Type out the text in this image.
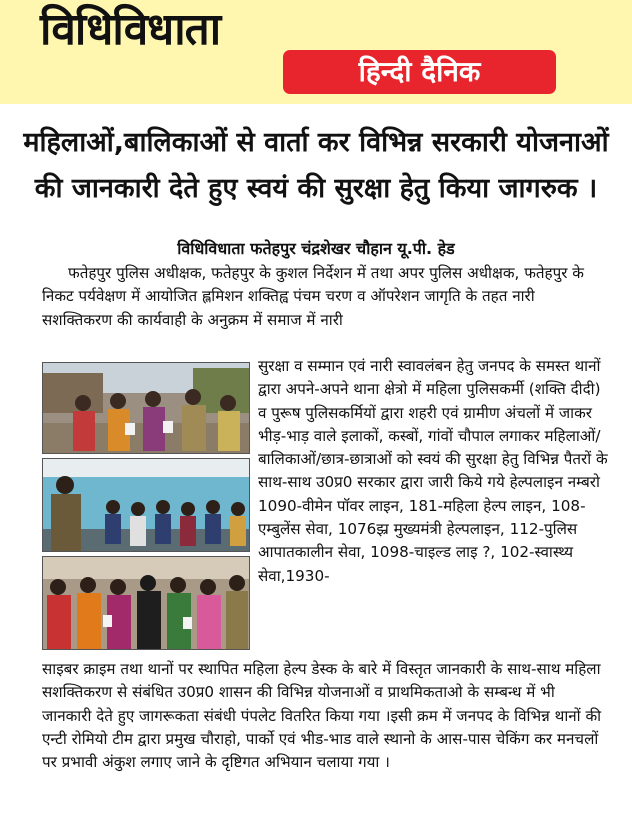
विधिविधाता
हिन्दी दैनिक
महिलाओं,बालिकाओं से वार्ता कर विभिन्न सरकारी योजनाओं
की जानकारी देते हुए स्वयं की सुरक्षा हेतु किया जागरुक ।
विधिविधाता फतेहपुर चंद्रशेखर चौहान यू.पी. हेड

फतेहपुर पुलिस अधीक्षक, फतेहपुर के कुशल निर्देशन में तथा अपर पुलिस अधीक्षक, फतेहपुर के निकट पर्यवेक्षण में आयोजित ह्लमिशन शक्तिह्व पंचम चरण व ऑपरेशन जागृति के तहत नारी सशक्तिकरण की कार्यवाही के अनुक्रम में समाज में नारी

सुरक्षा व सम्मान एवं नारी स्वावलंबन हेतु जनपद के समस्त थानों द्वारा अपने-अपने थाना क्षेत्रो में महिला पुलिसकर्मी (शक्ति दीदी) व पुरूष पुलिसकर्मियों द्वारा शहरी एवं ग्रामीण अंचलों में जाकर भीड़-भाड़ वाले इलाकों, कस्बों, गांवों चौपाल लगाकर महिलाओं/बालिकाओं/छात्र-छात्राओं को स्वयं की सुरक्षा हेतु विभिन्न पैतरों के साथ-साथ उ0प्र0 सरकार द्वारा जारी किये गये हेल्पलाइन नम्बरो 1090-वीमेन पॉवर लाइन, 181-महिला हेल्प लाइन, 108-एम्बुलेंस सेवा, 1076झ्र मुख्यमंत्री हेल्पलाइन, 112-पुलिस आपातकालीन सेवा, 1098-चाइल्ड लाइ ?, 102-स्वास्थ्य सेवा,1930-

साइबर क्राइम तथा थानों पर स्थापित महिला हेल्प डेस्क के बारे में विस्तृत जानकारी के साथ-साथ महिला सशक्तिकरण से संबंधित उ0प्र0 शासन की विभिन्न योजनाओं व प्राथमिकताओ के सम्बन्ध में भी जानकारी देते हुए जागरूकता संबंधी पंपलेट वितरित किया गया ।इसी क्रम में जनपद के विभिन्न थानों की एन्टी रोमियो टीम द्वारा प्रमुख चौराहो, पार्को एवं भीड-भाड वाले स्थानो के आस-पास चेकिंग कर मनचलों पर प्रभावी अंकुश लगाए जाने के दृष्टिगत अभियान चलाया गया ।
